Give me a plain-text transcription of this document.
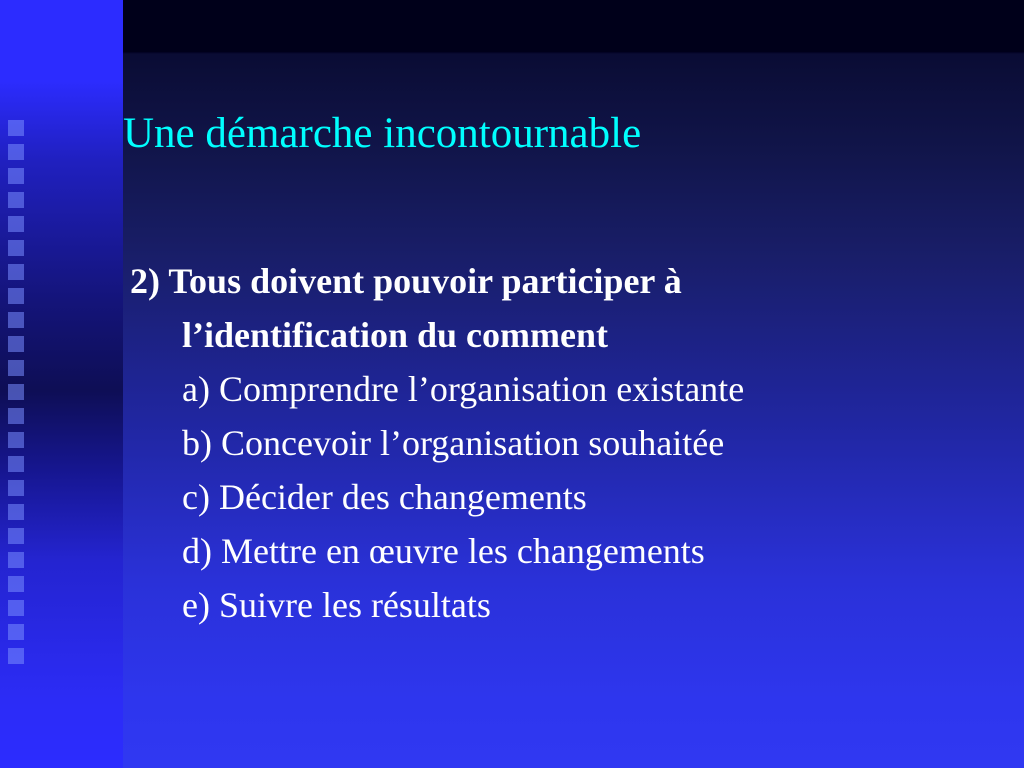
Une démarche incontournable

2) Tous doivent pouvoir participer à
l’identification du comment

a) Comprendre l’organisation existante
b) Concevoir l’organisation souhaitée
c) Décider des changements
d) Mettre en œuvre les changements
e) Suivre les résultats
